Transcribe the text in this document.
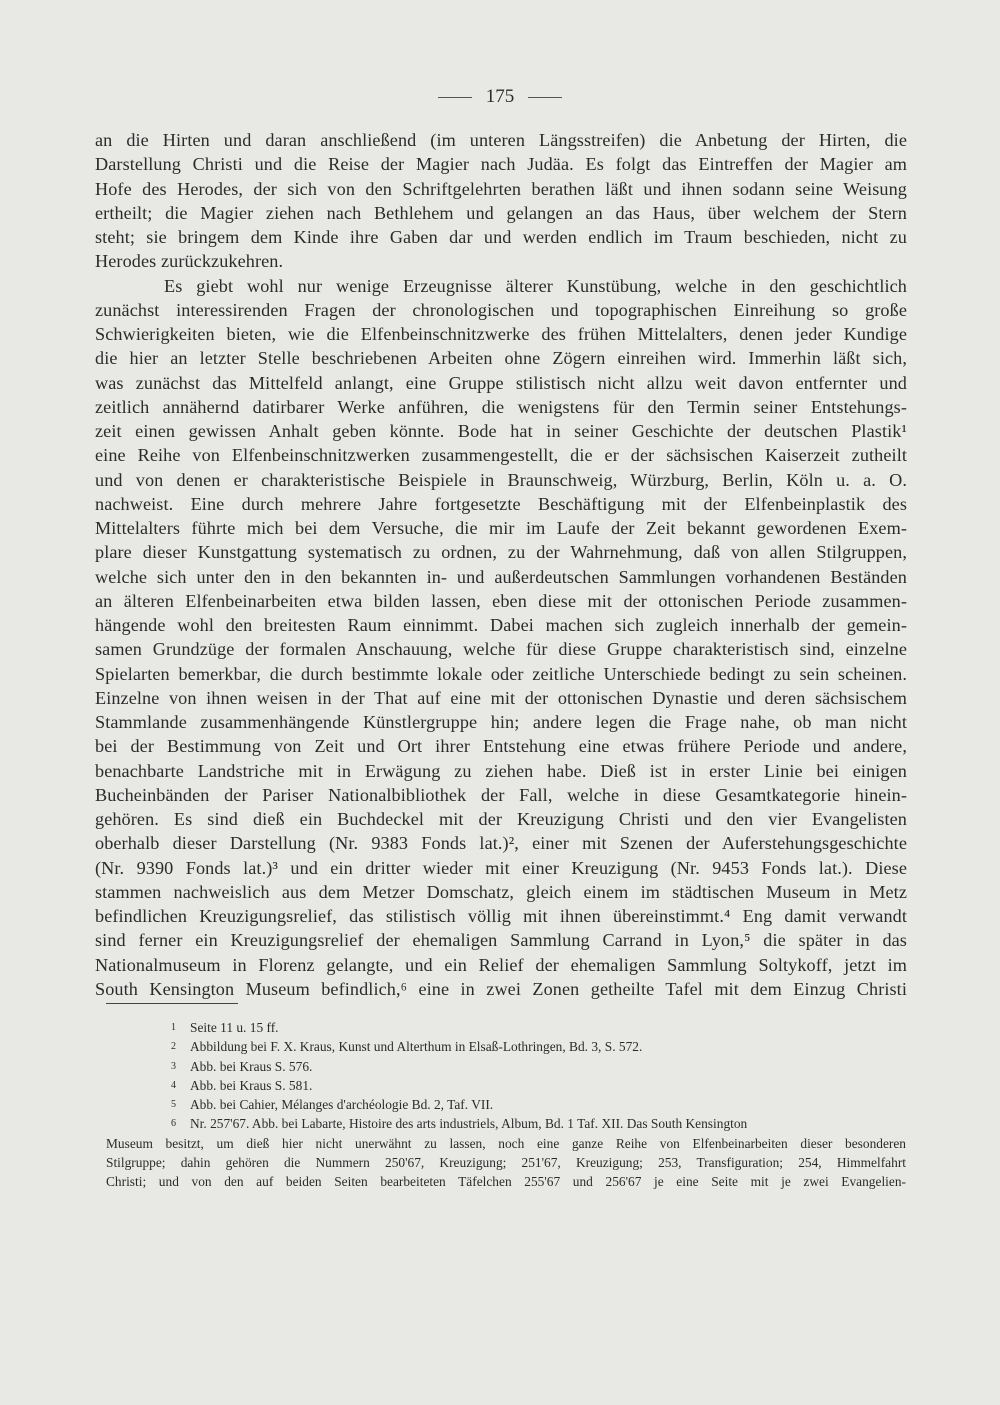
175
an die Hirten und daran anschließend (im unteren Längsstreifen) die Anbetung der Hirten, die
Darstellung Christi und die Reise der Magier nach Judäa. Es folgt das Eintreffen der Magier am
Hofe des Herodes, der sich von den Schriftgelehrten berathen läßt und ihnen sodann seine Weisung
ertheilt; die Magier ziehen nach Bethlehem und gelangen an das Haus, über welchem der Stern
steht; sie bringem dem Kinde ihre Gaben dar und werden endlich im Traum beschieden, nicht zu
Herodes zurückzukehren.
Es giebt wohl nur wenige Erzeugnisse älterer Kunstübung, welche in den geschichtlich
zunächst interessirenden Fragen der chronologischen und topographischen Einreihung so große
Schwierigkeiten bieten, wie die Elfenbeinschnitzwerke des frühen Mittelalters, denen jeder Kundige
die hier an letzter Stelle beschriebenen Arbeiten ohne Zögern einreihen wird. Immerhin läßt sich,
was zunächst das Mittelfeld anlangt, eine Gruppe stilistisch nicht allzu weit davon entfernter und
zeitlich annähernd datirbarer Werke anführen, die wenigstens für den Termin seiner Entstehungs-
zeit einen gewissen Anhalt geben könnte. Bode hat in seiner Geschichte der deutschen Plastik¹
eine Reihe von Elfenbeinschnitzwerken zusammengestellt, die er der sächsischen Kaiserzeit zutheilt
und von denen er charakteristische Beispiele in Braunschweig, Würzburg, Berlin, Köln u. a. O.
nachweist. Eine durch mehrere Jahre fortgesetzte Beschäftigung mit der Elfenbeinplastik des
Mittelalters führte mich bei dem Versuche, die mir im Laufe der Zeit bekannt gewordenen Exem-
plare dieser Kunstgattung systematisch zu ordnen, zu der Wahrnehmung, daß von allen Stilgruppen,
welche sich unter den in den bekannten in- und außerdeutschen Sammlungen vorhandenen Beständen
an älteren Elfenbeinarbeiten etwa bilden lassen, eben diese mit der ottonischen Periode zusammen-
hängende wohl den breitesten Raum einnimmt. Dabei machen sich zugleich innerhalb der gemein-
samen Grundzüge der formalen Anschauung, welche für diese Gruppe charakteristisch sind, einzelne
Spielarten bemerkbar, die durch bestimmte lokale oder zeitliche Unterschiede bedingt zu sein scheinen.
Einzelne von ihnen weisen in der That auf eine mit der ottonischen Dynastie und deren sächsischem
Stammlande zusammenhängende Künstlergruppe hin; andere legen die Frage nahe, ob man nicht
bei der Bestimmung von Zeit und Ort ihrer Entstehung eine etwas frühere Periode und andere,
benachbarte Landstriche mit in Erwägung zu ziehen habe. Dieß ist in erster Linie bei einigen
Bucheinbänden der Pariser Nationalbibliothek der Fall, welche in diese Gesamtkategorie hinein-
gehören. Es sind dieß ein Buchdeckel mit der Kreuzigung Christi und den vier Evangelisten
oberhalb dieser Darstellung (Nr. 9383 Fonds lat.)², einer mit Szenen der Auferstehungsgeschichte
(Nr. 9390 Fonds lat.)³ und ein dritter wieder mit einer Kreuzigung (Nr. 9453 Fonds lat.). Diese
stammen nachweislich aus dem Metzer Domschatz, gleich einem im städtischen Museum in Metz
befindlichen Kreuzigungsrelief, das stilistisch völlig mit ihnen übereinstimmt.⁴ Eng damit verwandt
sind ferner ein Kreuzigungsrelief der ehemaligen Sammlung Carrand in Lyon,⁵ die später in das
Nationalmuseum in Florenz gelangte, und ein Relief der ehemaligen Sammlung Soltykoff, jetzt im
South Kensington Museum befindlich,⁶ eine in zwei Zonen getheilte Tafel mit dem Einzug Christi
1 Seite 11 u. 15 ff.
2 Abbildung bei F. X. Kraus, Kunst und Alterthum in Elsaß-Lothringen, Bd. 3, S. 572.
3 Abb. bei Kraus S. 576.
4 Abb. bei Kraus S. 581.
5 Abb. bei Cahier, Mélanges d'archéologie Bd. 2, Taf. VII.
6 Nr. 257'67. Abb. bei Labarte, Histoire des arts industriels, Album, Bd. 1 Taf. XII. Das South Kensington
Museum besitzt, um dieß hier nicht unerwähnt zu lassen, noch eine ganze Reihe von Elfenbeinarbeiten dieser besonderen
Stilgruppe; dahin gehören die Nummern 250'67, Kreuzigung; 251'67, Kreuzigung; 253, Transfiguration; 254, Himmelfahrt
Christi; und von den auf beiden Seiten bearbeiteten Täfelchen 255'67 und 256'67 je eine Seite mit je zwei Evangelien-
